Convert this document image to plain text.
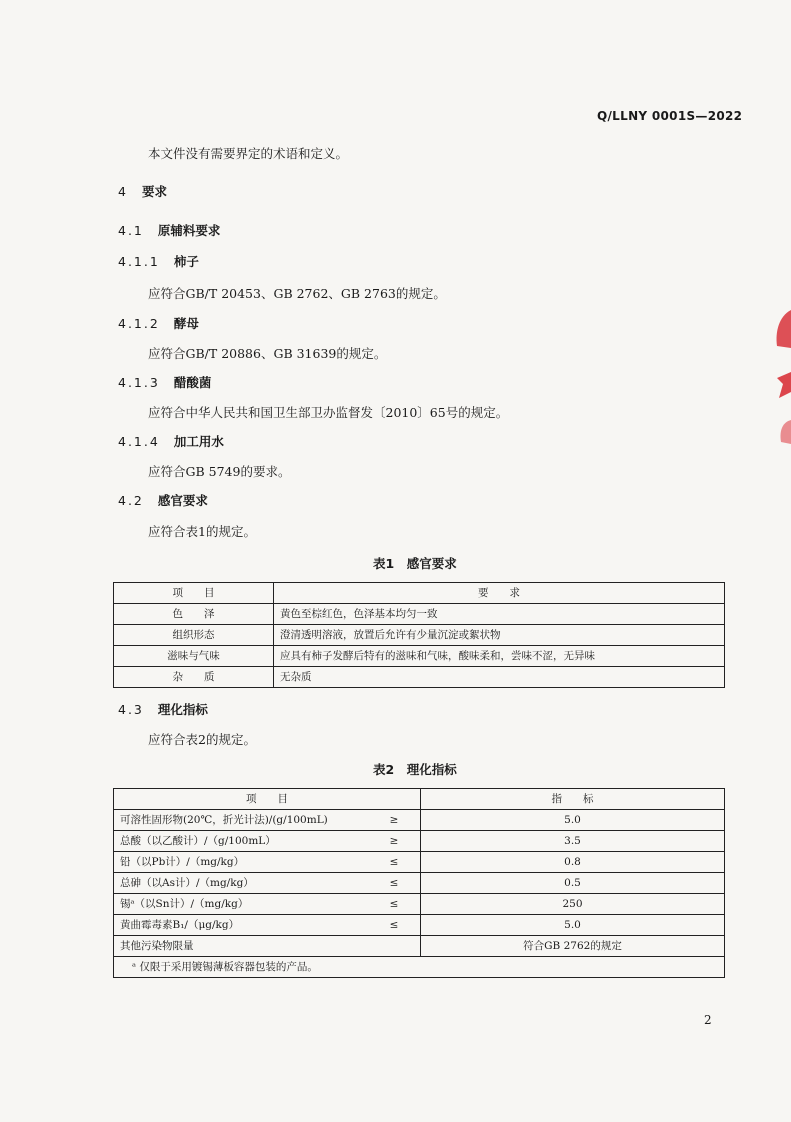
Q/LLNY 0001S—2022
本文件没有需要界定的术语和定义。
4 要求
4.1 原辅料要求
4.1.1 柿子
应符合GB/T 20453、GB 2762、GB 2763的规定。
4.1.2 酵母
应符合GB/T 20886、GB 31639的规定。
4.1.3 醋酸菌
应符合中华人民共和国卫生部卫办监督发〔2010〕65号的规定。
4.1.4 加工用水
应符合GB 5749的要求。
4.2 感官要求
应符合表1的规定。
表1　感官要求
项　　目	要　　求
色　　泽	黄色至棕红色，色泽基本均匀一致
组织形态	澄清透明溶液，放置后允许有少量沉淀或絮状物
滋味与气味	应具有柿子发酵后特有的滋味和气味，酸味柔和，尝味不涩，无异味
杂　　质	无杂质
4.3 理化指标
应符合表2的规定。
表2　理化指标
项　　目		指　　标
可溶性固形物(20℃，折光计法)/(g/100mL)	≥	5.0
总酸（以乙酸计）/（g/100mL）	≥	3.5
铅（以Pb计）/（mg/kg）	≤	0.8
总砷（以As计）/（mg/kg）	≤	0.5
锡ᵃ（以Sn计）/（mg/kg）	≤	250
黄曲霉毒素B₁/（μg/kg）	≤	5.0
其他污染物限量		符合GB 2762的规定
ᵃ 仅限于采用镀锡薄板容器包装的产品。		
2
